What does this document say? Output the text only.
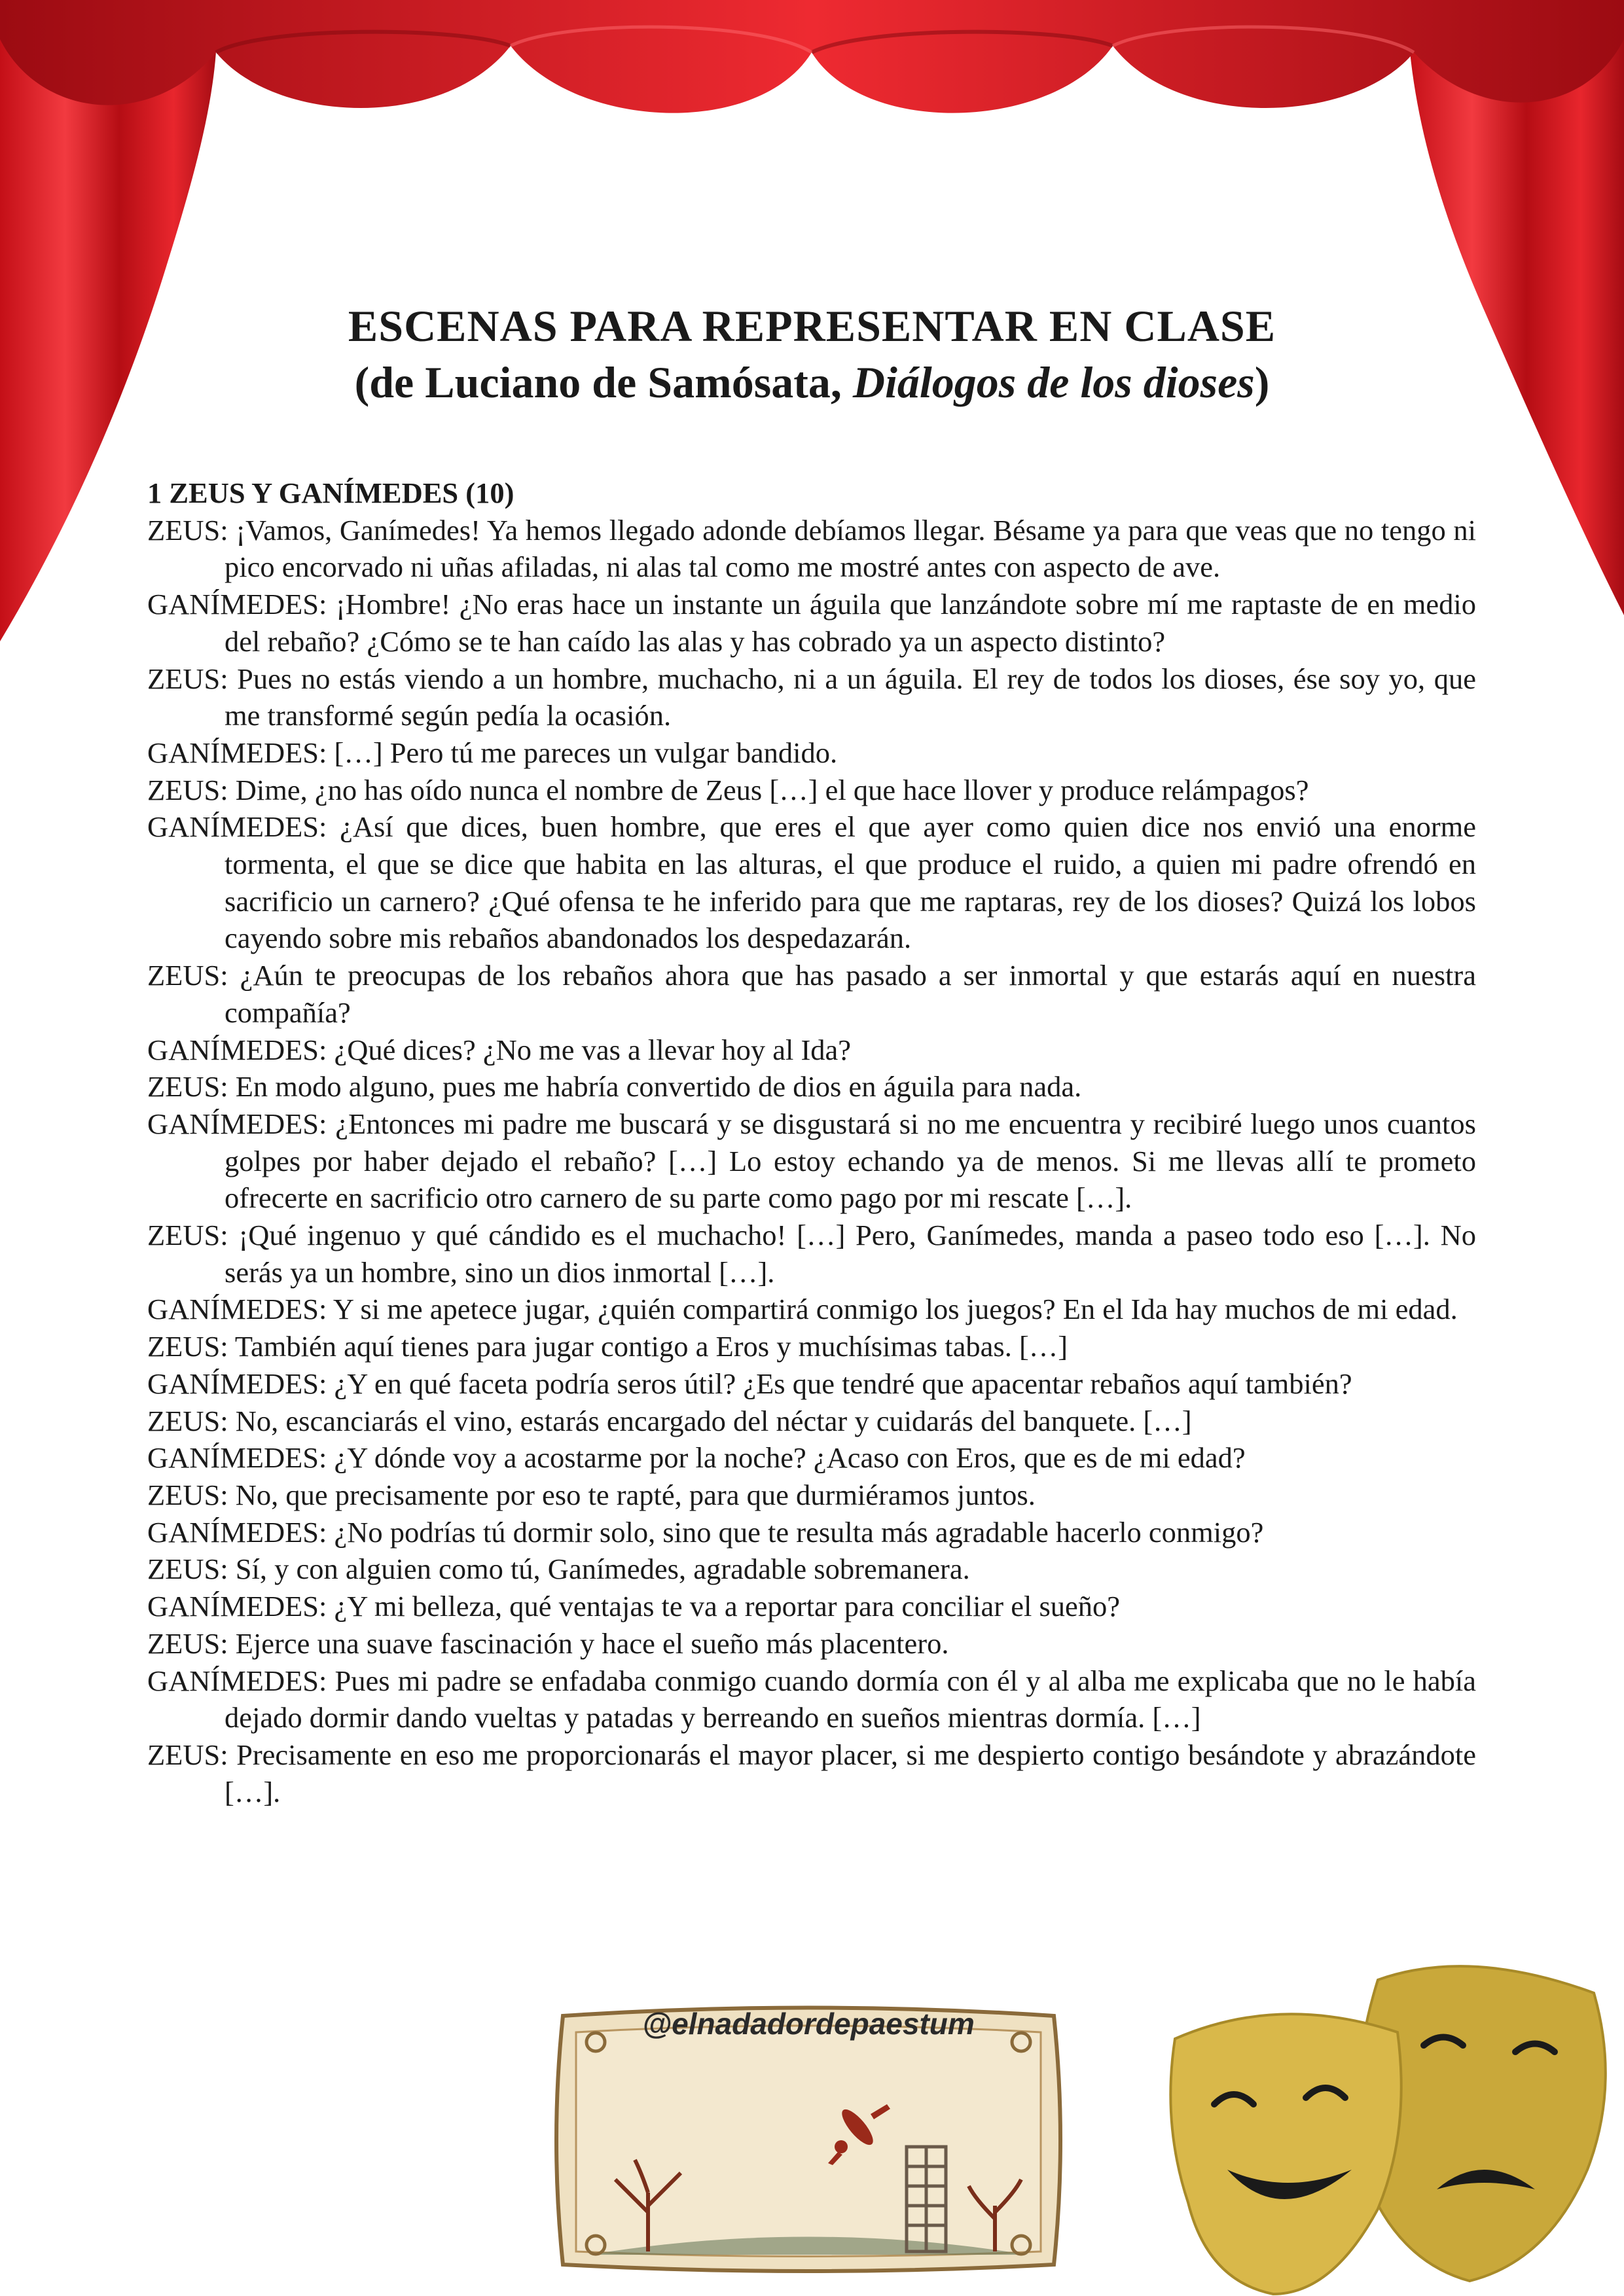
ESCENAS PARA REPRESENTAR EN CLASE
(de Luciano de Samósata, Diálogos de los dioses)

1 ZEUS Y GANÍMEDES (10)

ZEUS: ¡Vamos, Ganímedes! Ya hemos llegado adonde debíamos llegar. Bésame ya para que veas que no tengo ni pico encorvado ni uñas afiladas, ni alas tal como me mostré antes con aspecto de ave.

GANÍMEDES: ¡Hombre! ¿No eras hace un instante un águila que lanzándote sobre mí me raptaste de en medio del rebaño? ¿Cómo se te han caído las alas y has cobrado ya un aspecto distinto?

ZEUS: Pues no estás viendo a un hombre, muchacho, ni a un águila. El rey de todos los dioses, ése soy yo, que me transformé según pedía la ocasión.

GANÍMEDES: […] Pero tú me pareces un vulgar bandido.

ZEUS: Dime, ¿no has oído nunca el nombre de Zeus […] el que hace llover y produce relámpagos?

GANÍMEDES: ¿Así que dices, buen hombre, que eres el que ayer como quien dice nos envió una enorme tormenta, el que se dice que habita en las alturas, el que produce el ruido, a quien mi padre ofrendó en sacrificio un carnero? ¿Qué ofensa te he inferido para que me raptaras, rey de los dioses? Quizá los lobos cayendo sobre mis rebaños abandonados los despedazarán.

ZEUS: ¿Aún te preocupas de los rebaños ahora que has pasado a ser inmortal y que estarás aquí en nuestra compañía?

GANÍMEDES: ¿Qué dices? ¿No me vas a llevar hoy al Ida?

ZEUS: En modo alguno, pues me habría convertido de dios en águila para nada.

GANÍMEDES: ¿Entonces mi padre me buscará y se disgustará si no me encuentra y recibiré luego unos cuantos golpes por haber dejado el rebaño? […] Lo estoy echando ya de menos. Si me llevas allí te prometo ofrecerte en sacrificio otro carnero de su parte como pago por mi rescate […].

ZEUS: ¡Qué ingenuo y qué cándido es el muchacho! […] Pero, Ganímedes, manda a paseo todo eso […]. No serás ya un hombre, sino un dios inmortal […].

GANÍMEDES: Y si me apetece jugar, ¿quién compartirá conmigo los juegos? En el Ida hay muchos de mi edad.

ZEUS: También aquí tienes para jugar contigo a Eros y muchísimas tabas. […]

GANÍMEDES: ¿Y en qué faceta podría seros útil? ¿Es que tendré que apacentar rebaños aquí también?

ZEUS: No, escanciarás el vino, estarás encargado del néctar y cuidarás del banquete. […]

GANÍMEDES: ¿Y dónde voy a acostarme por la noche? ¿Acaso con Eros, que es de mi edad?

ZEUS: No, que precisamente por eso te rapté, para que durmiéramos juntos.

GANÍMEDES: ¿No podrías tú dormir solo, sino que te resulta más agradable hacerlo conmigo?

ZEUS: Sí, y con alguien como tú, Ganímedes, agradable sobremanera.

GANÍMEDES: ¿Y mi belleza, qué ventajas te va a reportar para conciliar el sueño?

ZEUS: Ejerce una suave fascinación y hace el sueño más placentero.

GANÍMEDES: Pues mi padre se enfadaba conmigo cuando dormía con él y al alba me explicaba que no le había dejado dormir dando vueltas y patadas y berreando en sueños mientras dormía. […]

ZEUS: Precisamente en eso me proporcionarás el mayor placer, si me despierto contigo besándote y abrazándote […].

@elnadadordepaestum
